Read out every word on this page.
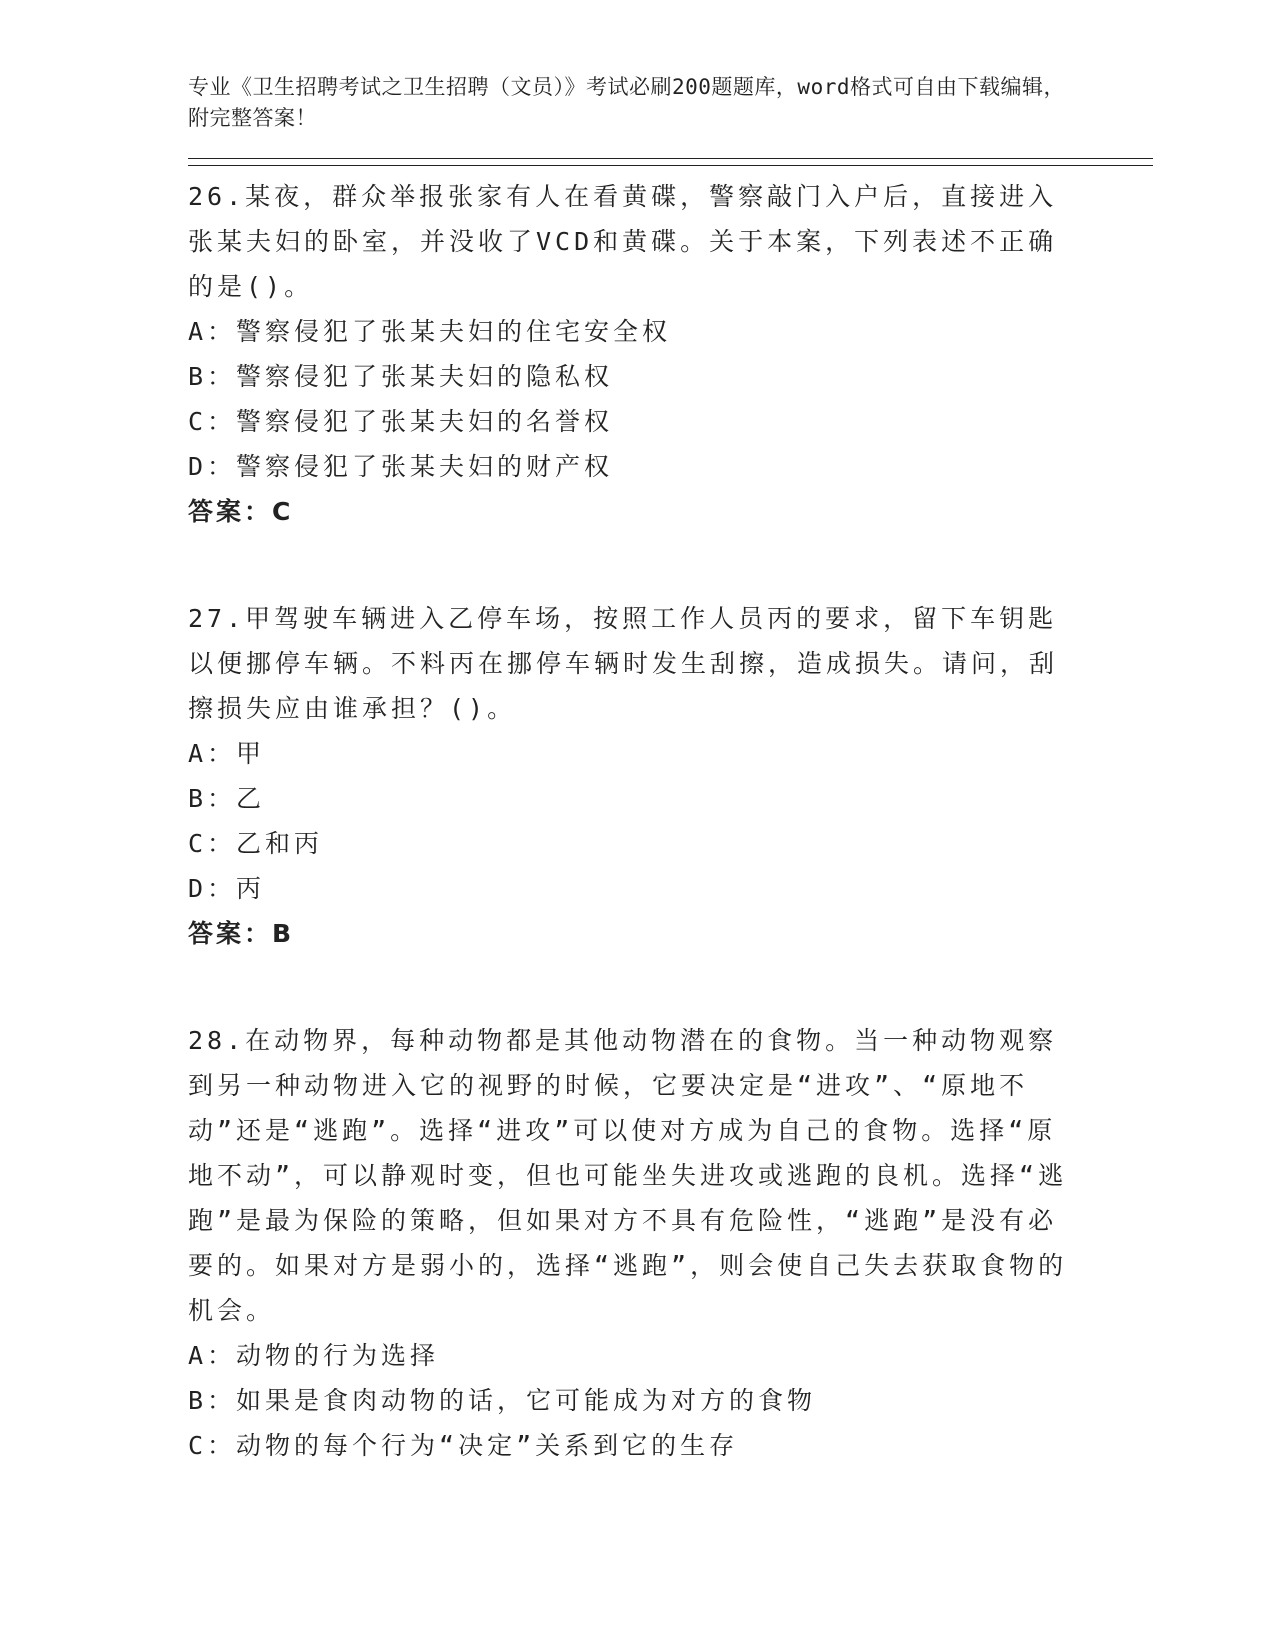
专业《卫生招聘考试之卫生招聘（文员）》考试必刷200题题库，word格式可自由下载编辑，附完整答案！
26.某夜，群众举报张家有人在看黄碟，警察敲门入户后，直接进入张某夫妇的卧室，并没收了VCD和黄碟。关于本案，下列表述不正确的是()。
A：警察侵犯了张某夫妇的住宅安全权
B：警察侵犯了张某夫妇的隐私权
C：警察侵犯了张某夫妇的名誉权
D：警察侵犯了张某夫妇的财产权
答案：C
27.甲驾驶车辆进入乙停车场，按照工作人员丙的要求，留下车钥匙以便挪停车辆。不料丙在挪停车辆时发生刮擦，造成损失。请问，刮擦损失应由谁承担？()。
A：甲
B：乙
C：乙和丙
D：丙
答案：B
28.在动物界，每种动物都是其他动物潜在的食物。当一种动物观察到另一种动物进入它的视野的时候，它要决定是“进攻”、“原地不动”还是“逃跑”。选择“进攻”可以使对方成为自己的食物。选择“原地不动”，可以静观时变，但也可能坐失进攻或逃跑的良机。选择“逃跑”是最为保险的策略，但如果对方不具有危险性，“逃跑”是没有必要的。如果对方是弱小的，选择“逃跑”，则会使自己失去获取食物的机会。
A：动物的行为选择
B：如果是食肉动物的话，它可能成为对方的食物
C：动物的每个行为“决定”关系到它的生存
